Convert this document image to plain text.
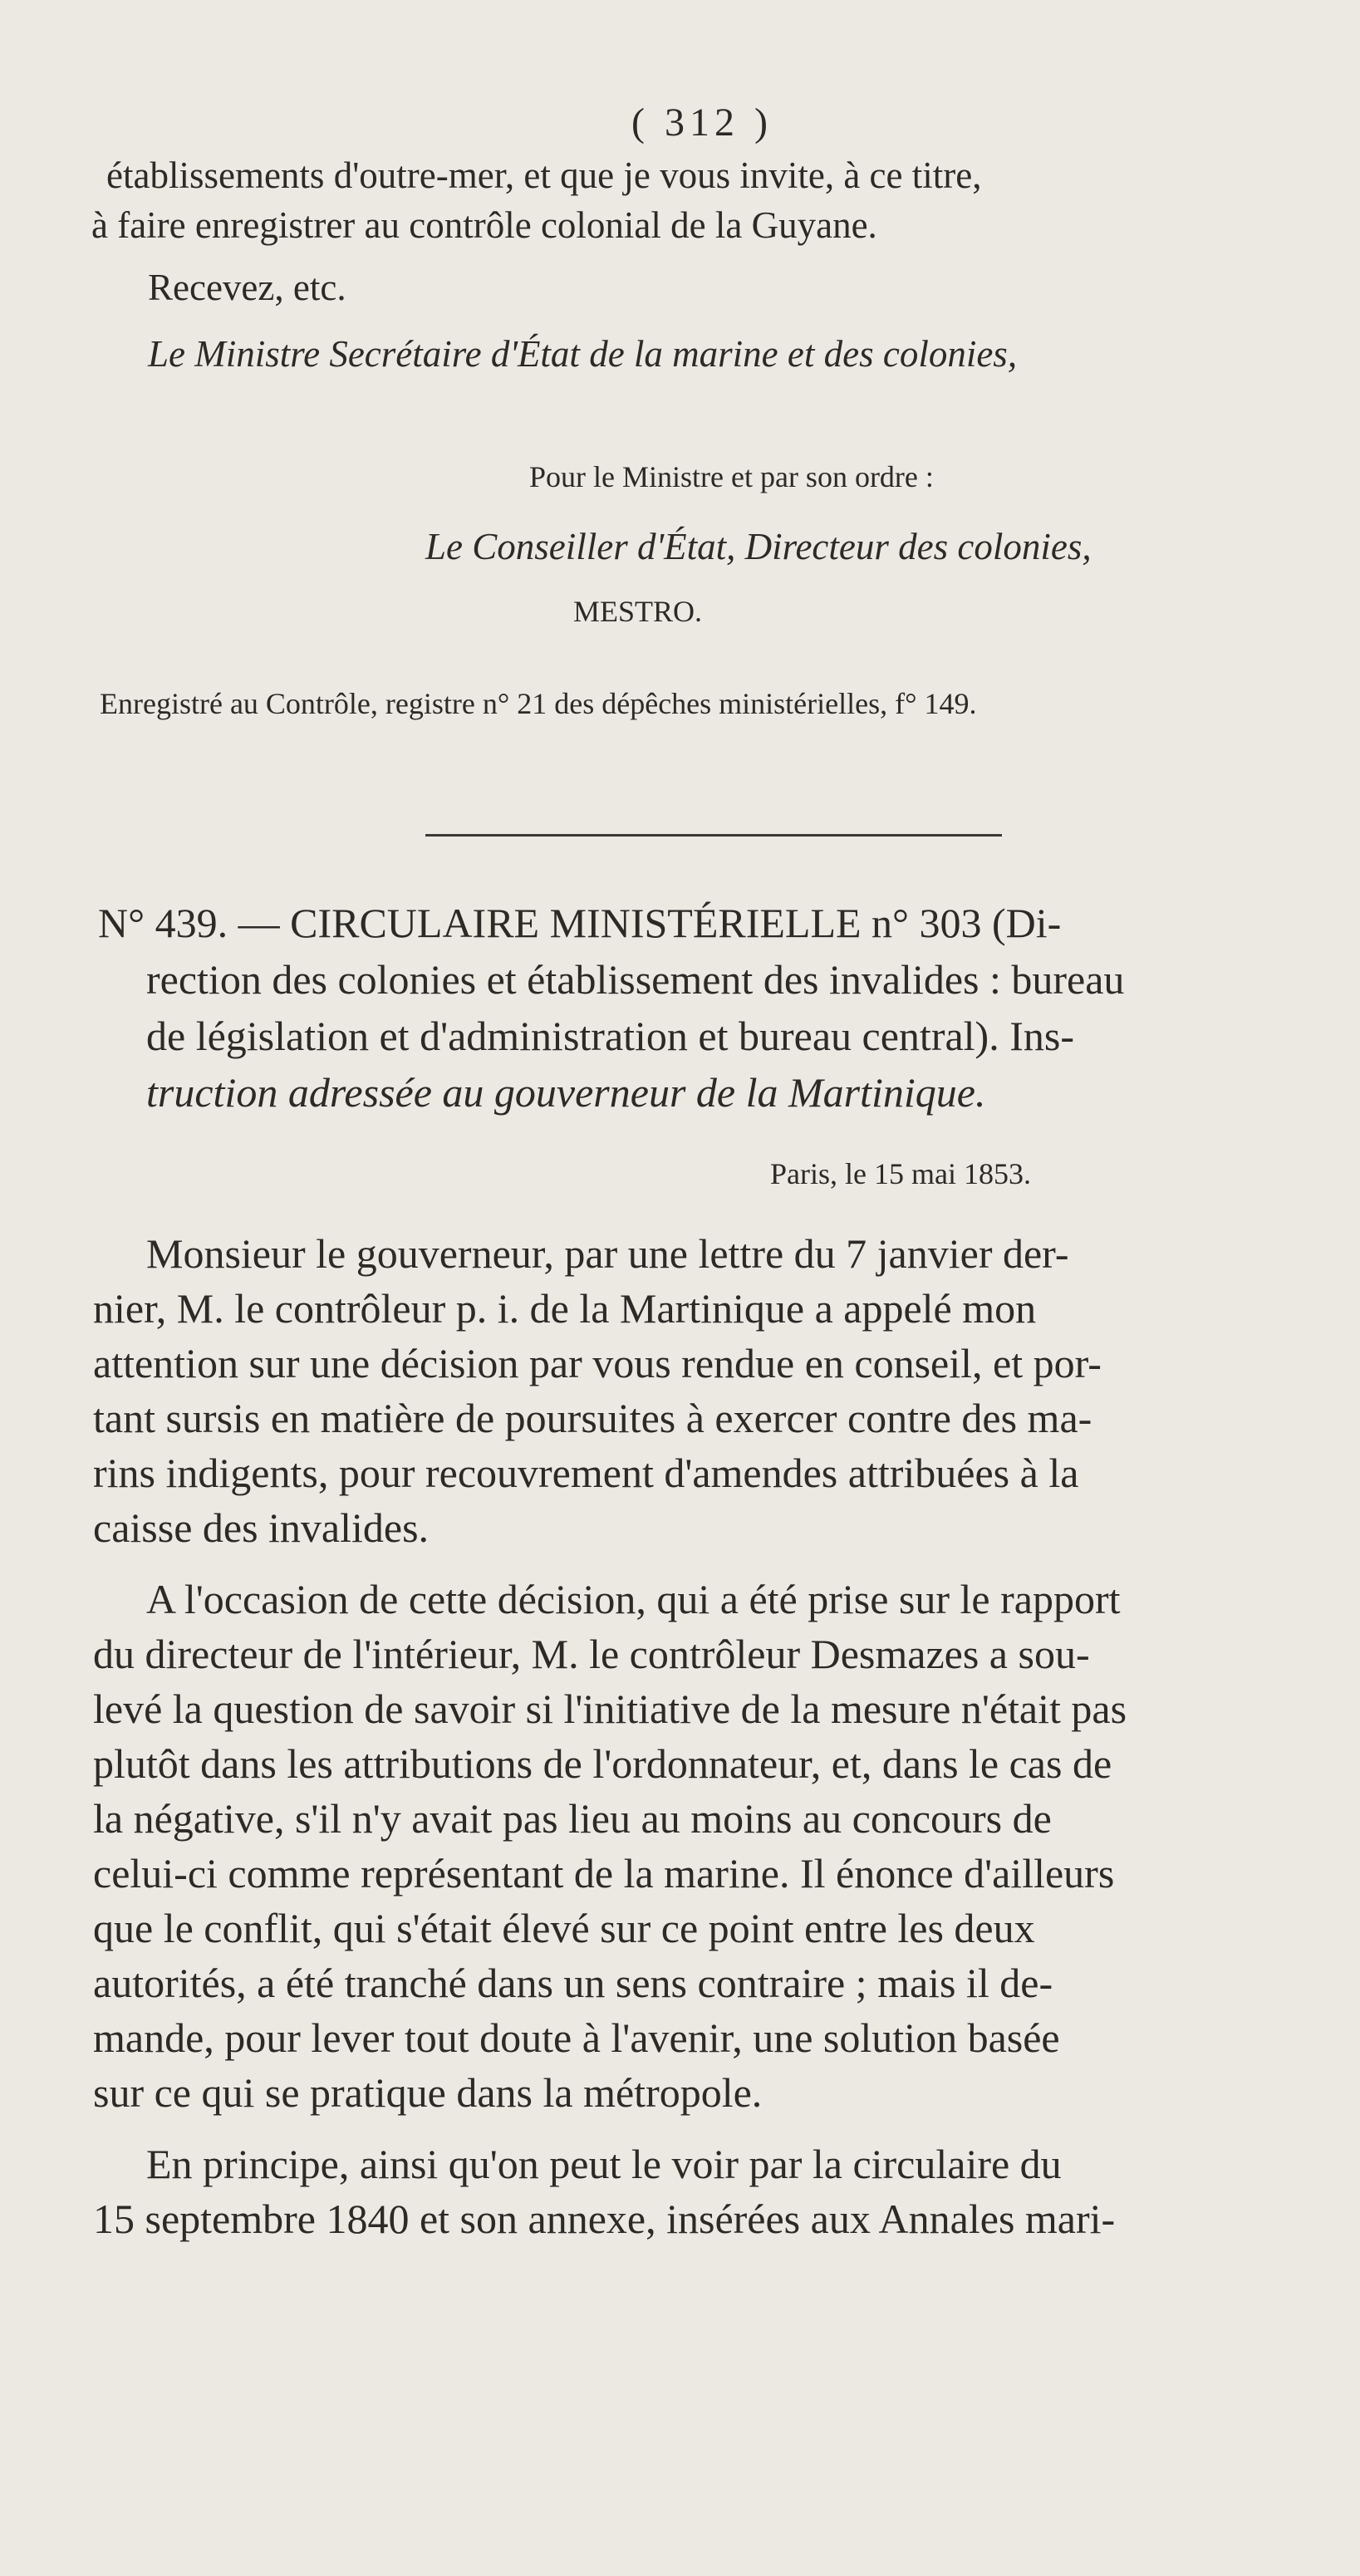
( 312 )
établissements d'outre-mer, et que je vous invite, à ce titre,
à faire enregistrer au contrôle colonial de la Guyane.
Recevez, etc.
Le Ministre Secrétaire d'État de la marine et des colonies,
Pour le Ministre et par son ordre :
Le Conseiller d'État, Directeur des colonies,
MESTRO.
Enregistré au Contrôle, registre n° 21 des dépêches ministérielles, f° 149.
N° 439. — CIRCULAIRE MINISTÉRIELLE n° 303 (Di-
rection des colonies et établissement des invalides : bureau
de législation et d'administration et bureau central). Ins-
truction adressée au gouverneur de la Martinique.
Paris, le 15 mai 1853.
Monsieur le gouverneur, par une lettre du 7 janvier der-
nier, M. le contrôleur p. i. de la Martinique a appelé mon
attention sur une décision par vous rendue en conseil, et por-
tant sursis en matière de poursuites à exercer contre des ma-
rins indigents, pour recouvrement d'amendes attribuées à la
caisse des invalides.
A l'occasion de cette décision, qui a été prise sur le rapport
du directeur de l'intérieur, M. le contrôleur Desmazes a sou-
levé la question de savoir si l'initiative de la mesure n'était pas
plutôt dans les attributions de l'ordonnateur, et, dans le cas de
la négative, s'il n'y avait pas lieu au moins au concours de
celui-ci comme représentant de la marine. Il énonce d'ailleurs
que le conflit, qui s'était élevé sur ce point entre les deux
autorités, a été tranché dans un sens contraire ; mais il de-
mande, pour lever tout doute à l'avenir, une solution basée
sur ce qui se pratique dans la métropole.
En principe, ainsi qu'on peut le voir par la circulaire du
15 septembre 1840 et son annexe, insérées aux Annales mari-
